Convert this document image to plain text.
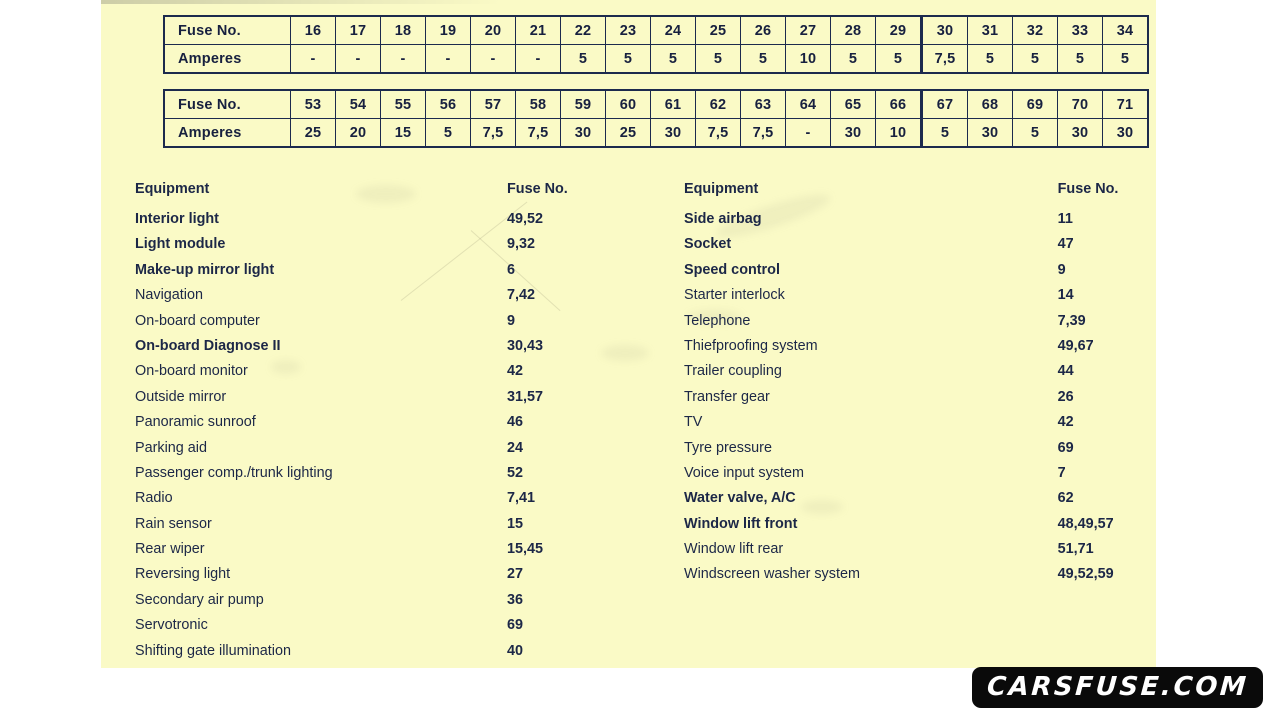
Fuse No.	16	17	18	19	20	21	22	23	24	25	26	27	28	29	30	31	32	33	34
Amperes	-	-	-	-	-	-	5	5	5	5	5	10	5	5	7,5	5	5	5	5
Fuse No.	53	54	55	56	57	58	59	60	61	62	63	64	65	66	67	68	69	70	71
Amperes	25	20	15	5	7,5	7,5	30	25	30	7,5	7,5	-	30	10	5	30	5	30	30
Equipment	Fuse No.
Interior light	49,52
Light module	9,32
Make-up mirror light	6
Navigation	7,42
On-board computer	9
On-board Diagnose II	30,43
On-board monitor	42
Outside mirror	31,57
Panoramic sunroof	46
Parking aid	24
Passenger comp./trunk lighting	52
Radio	7,41
Rain sensor	15
Rear wiper	15,45
Reversing light	27
Secondary air pump	36
Servotronic	69
Shifting gate illumination	40
Equipment	Fuse No.
Side airbag	11
Socket	47
Speed control	9
Starter interlock	14
Telephone	7,39
Thiefproofing system	49,67
Trailer coupling	44
Transfer gear	26
TV	42
Tyre pressure	69
Voice input system	7
Water valve, A/C	62
Window lift front	48,49,57
Window lift rear	51,71
Windscreen washer system	49,52,59
CARSFUSE.COM
